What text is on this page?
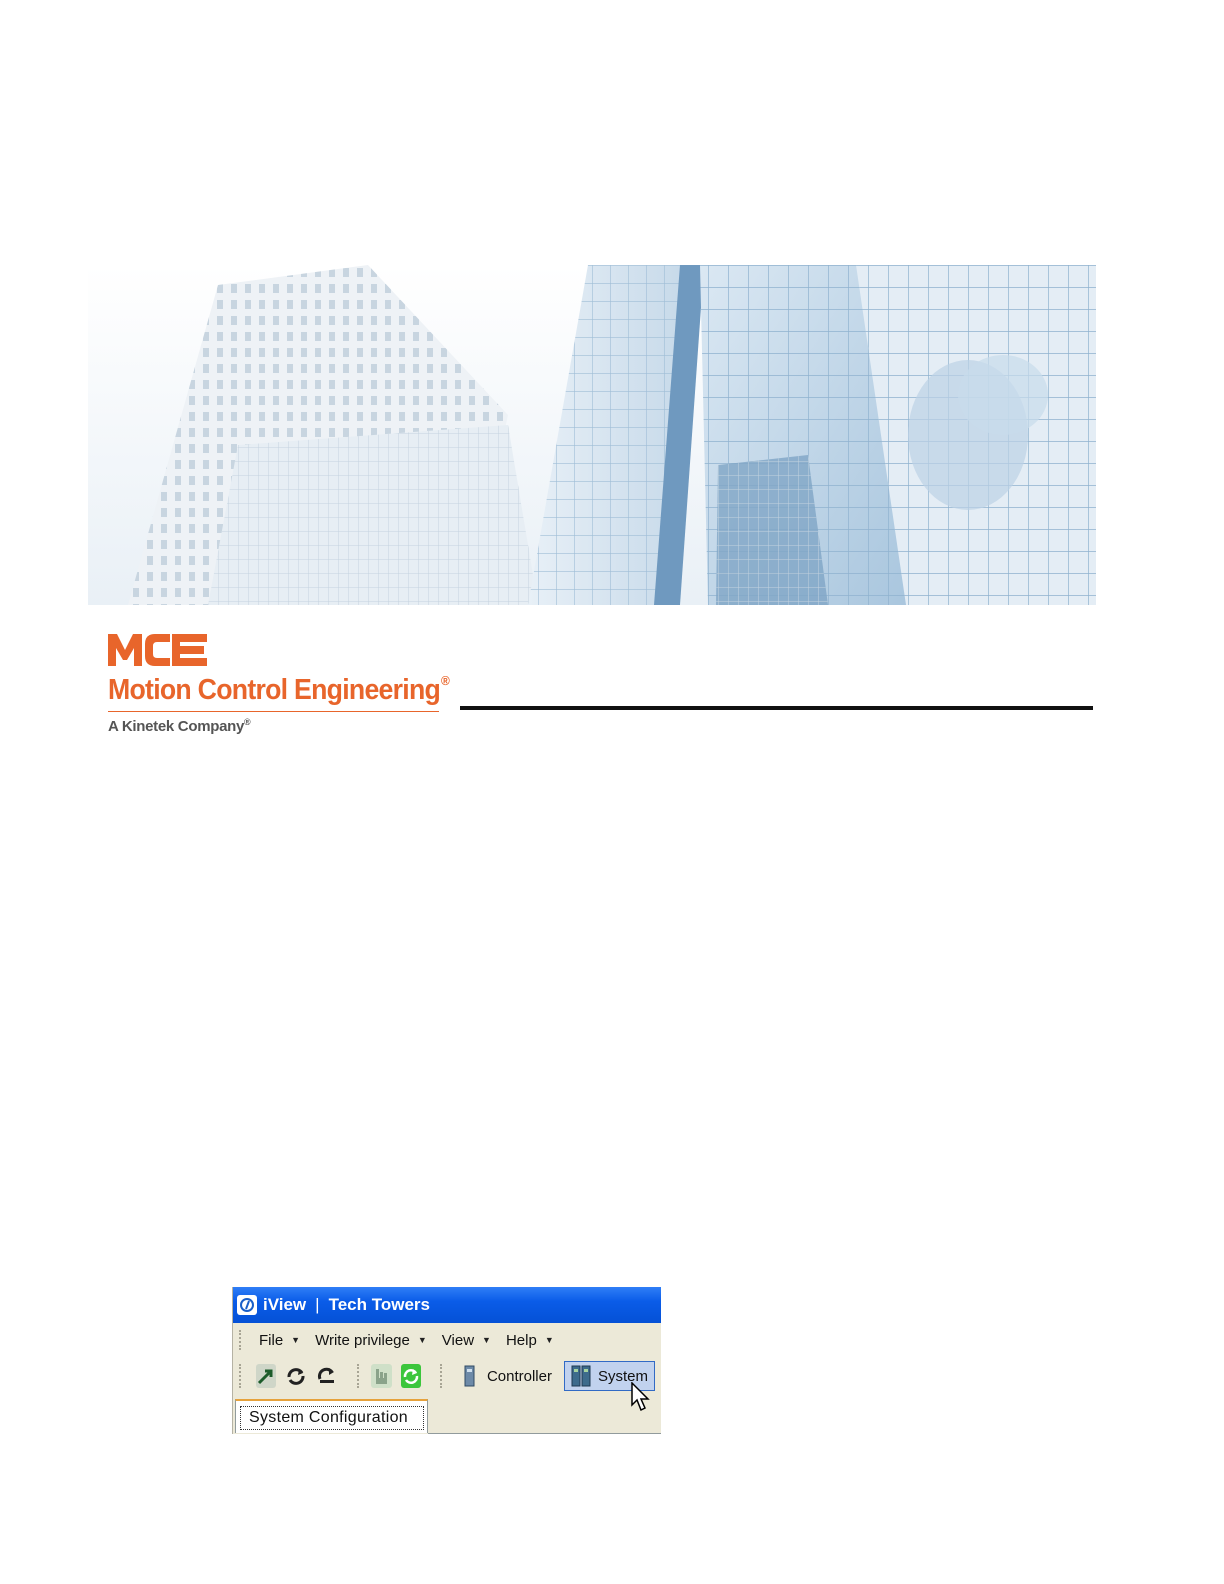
Motion Control Engineering®
A Kinetek Company®
iView | Tech Towers
File ▼ Write privilege ▼ View ▼ Help ▼
Controller	System
System Configuration
